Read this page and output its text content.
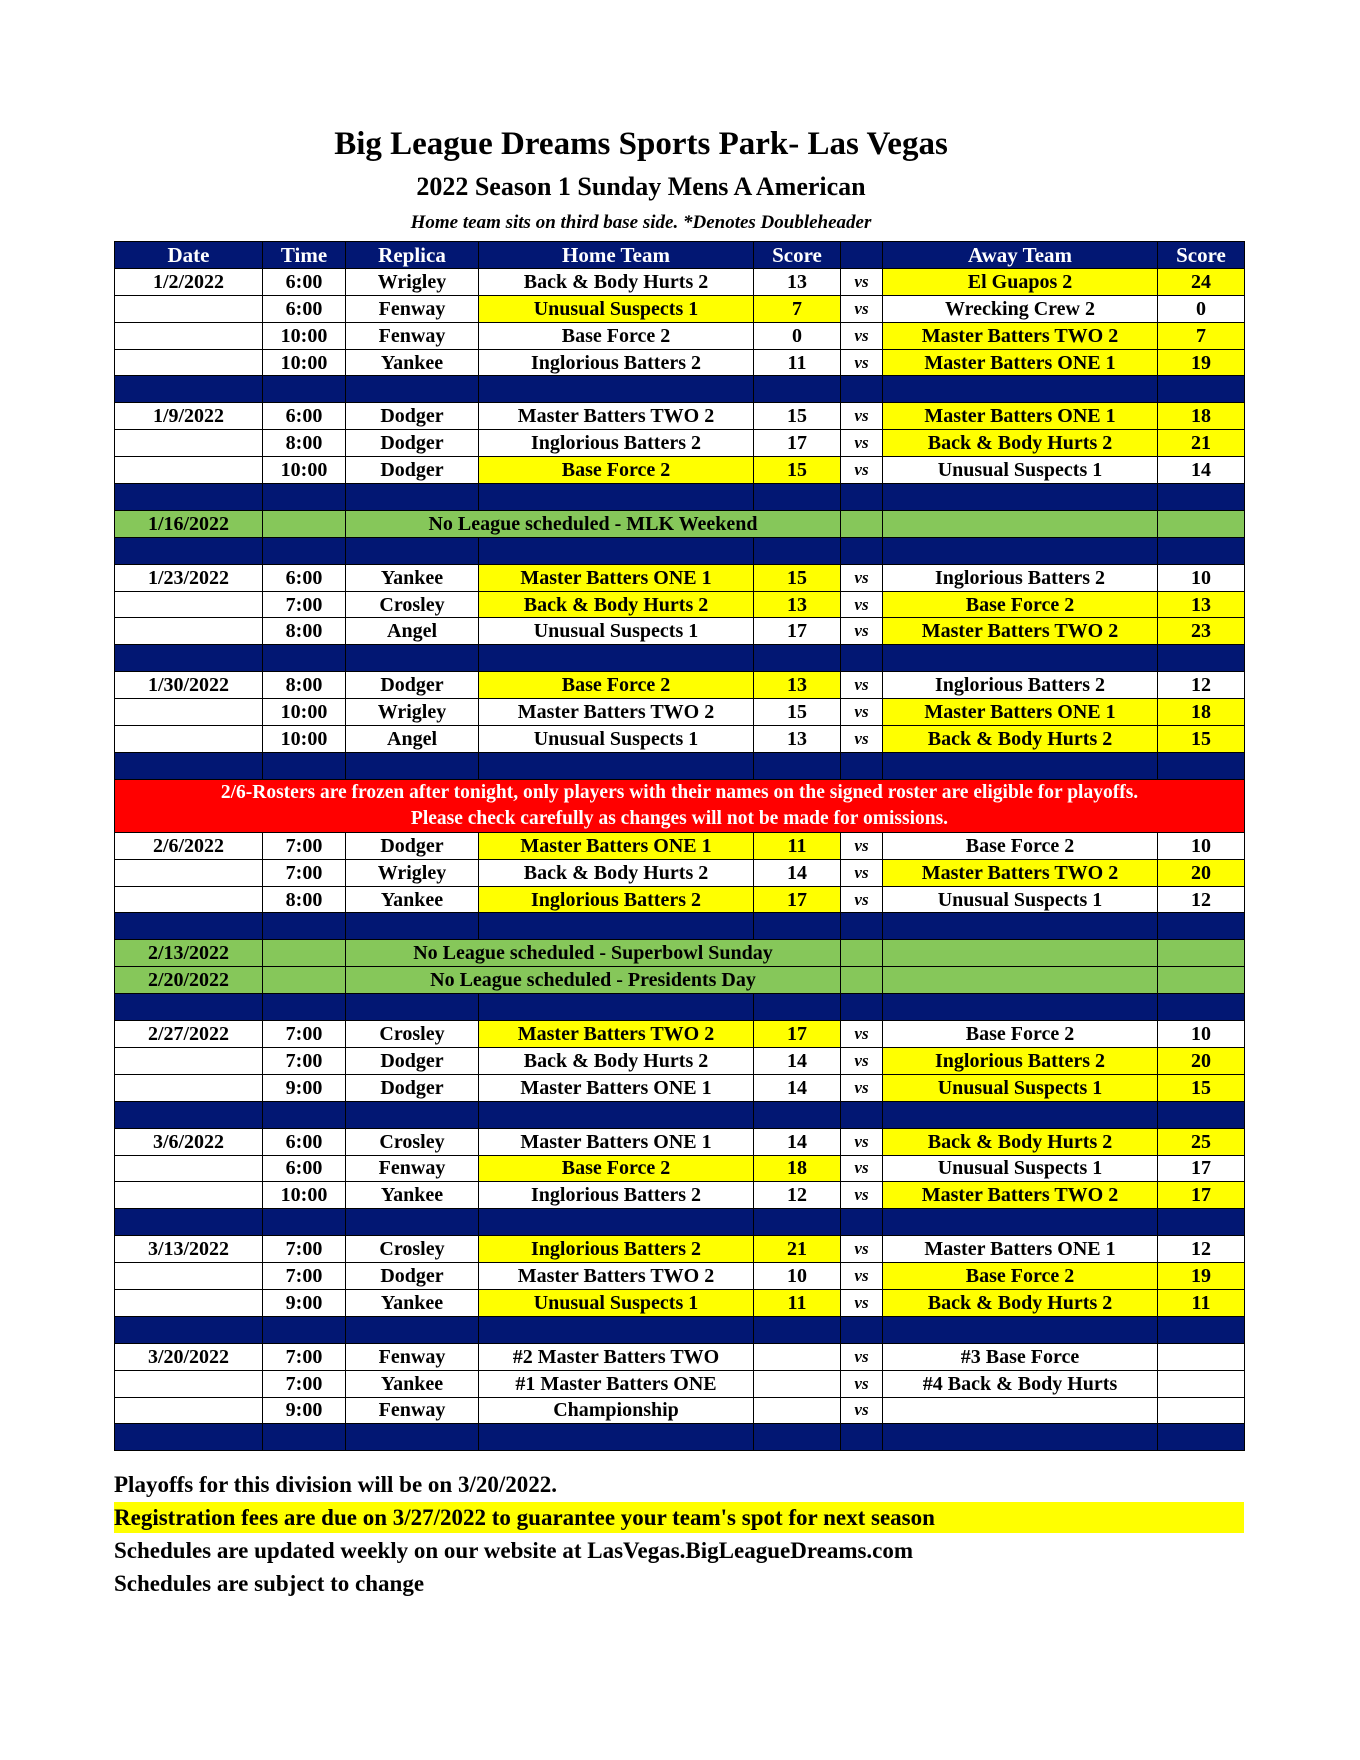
Big League Dreams Sports Park- Las Vegas
2022 Season 1 Sunday Mens A American
Home team sits on third base side. *Denotes Doubleheader
Date	Time	Replica	Home Team	Score		Away Team	Score
1/2/2022	6:00	Wrigley	Back & Body Hurts 2	13	vs	El Guapos 2	24
	6:00	Fenway	Unusual Suspects 1	7	vs	Wrecking Crew 2	0
	10:00	Fenway	Base Force 2	0	vs	Master Batters TWO 2	7
	10:00	Yankee	Inglorious Batters 2	11	vs	Master Batters ONE 1	19

1/9/2022	6:00	Dodger	Master Batters TWO 2	15	vs	Master Batters ONE 1	18
	8:00	Dodger	Inglorious Batters 2	17	vs	Back & Body Hurts 2	21
	10:00	Dodger	Base Force 2	15	vs	Unusual Suspects 1	14

1/16/2022		No League scheduled - MLK Weekend					

1/23/2022	6:00	Yankee	Master Batters ONE 1	15	vs	Inglorious Batters 2	10
	7:00	Crosley	Back & Body Hurts 2	13	vs	Base Force 2	13
	8:00	Angel	Unusual Suspects 1	17	vs	Master Batters TWO 2	23

1/30/2022	8:00	Dodger	Base Force 2	13	vs	Inglorious Batters 2	12
	10:00	Wrigley	Master Batters TWO 2	15	vs	Master Batters ONE 1	18
	10:00	Angel	Unusual Suspects 1	13	vs	Back & Body Hurts 2	15

2/6-Rosters are frozen after tonight, only players with their names on the signed roster are eligible for playoffs.
Please check carefully as changes will not be made for omissions.							

2/6/2022	7:00	Dodger	Master Batters ONE 1	11	vs	Base Force 2	10
	7:00	Wrigley	Back & Body Hurts 2	14	vs	Master Batters TWO 2	20
	8:00	Yankee	Inglorious Batters 2	17	vs	Unusual Suspects 1	12

2/13/2022		No League scheduled - Superbowl Sunday					
2/20/2022		No League scheduled - Presidents Day					

2/27/2022	7:00	Crosley	Master Batters TWO 2	17	vs	Base Force 2	10
	7:00	Dodger	Back & Body Hurts 2	14	vs	Inglorious Batters 2	20
	9:00	Dodger	Master Batters ONE 1	14	vs	Unusual Suspects 1	15

3/6/2022	6:00	Crosley	Master Batters ONE 1	14	vs	Back & Body Hurts 2	25
	6:00	Fenway	Base Force 2	18	vs	Unusual Suspects 1	17
	10:00	Yankee	Inglorious Batters 2	12	vs	Master Batters TWO 2	17

3/13/2022	7:00	Crosley	Inglorious Batters 2	21	vs	Master Batters ONE 1	12
	7:00	Dodger	Master Batters TWO 2	10	vs	Base Force 2	19
	9:00	Yankee	Unusual Suspects 1	11	vs	Back & Body Hurts 2	11

3/20/2022	7:00	Fenway	#2 Master Batters TWO		vs	#3 Base Force	
	7:00	Yankee	#1 Master Batters ONE		vs	#4 Back & Body Hurts	
	9:00	Fenway	Championship		vs		

Playoffs for this division will be on 3/20/2022.
Registration fees are due on 3/27/2022 to guarantee your team's spot for next season
Schedules are updated weekly on our website at LasVegas.BigLeagueDreams.com
Schedules are subject to change
